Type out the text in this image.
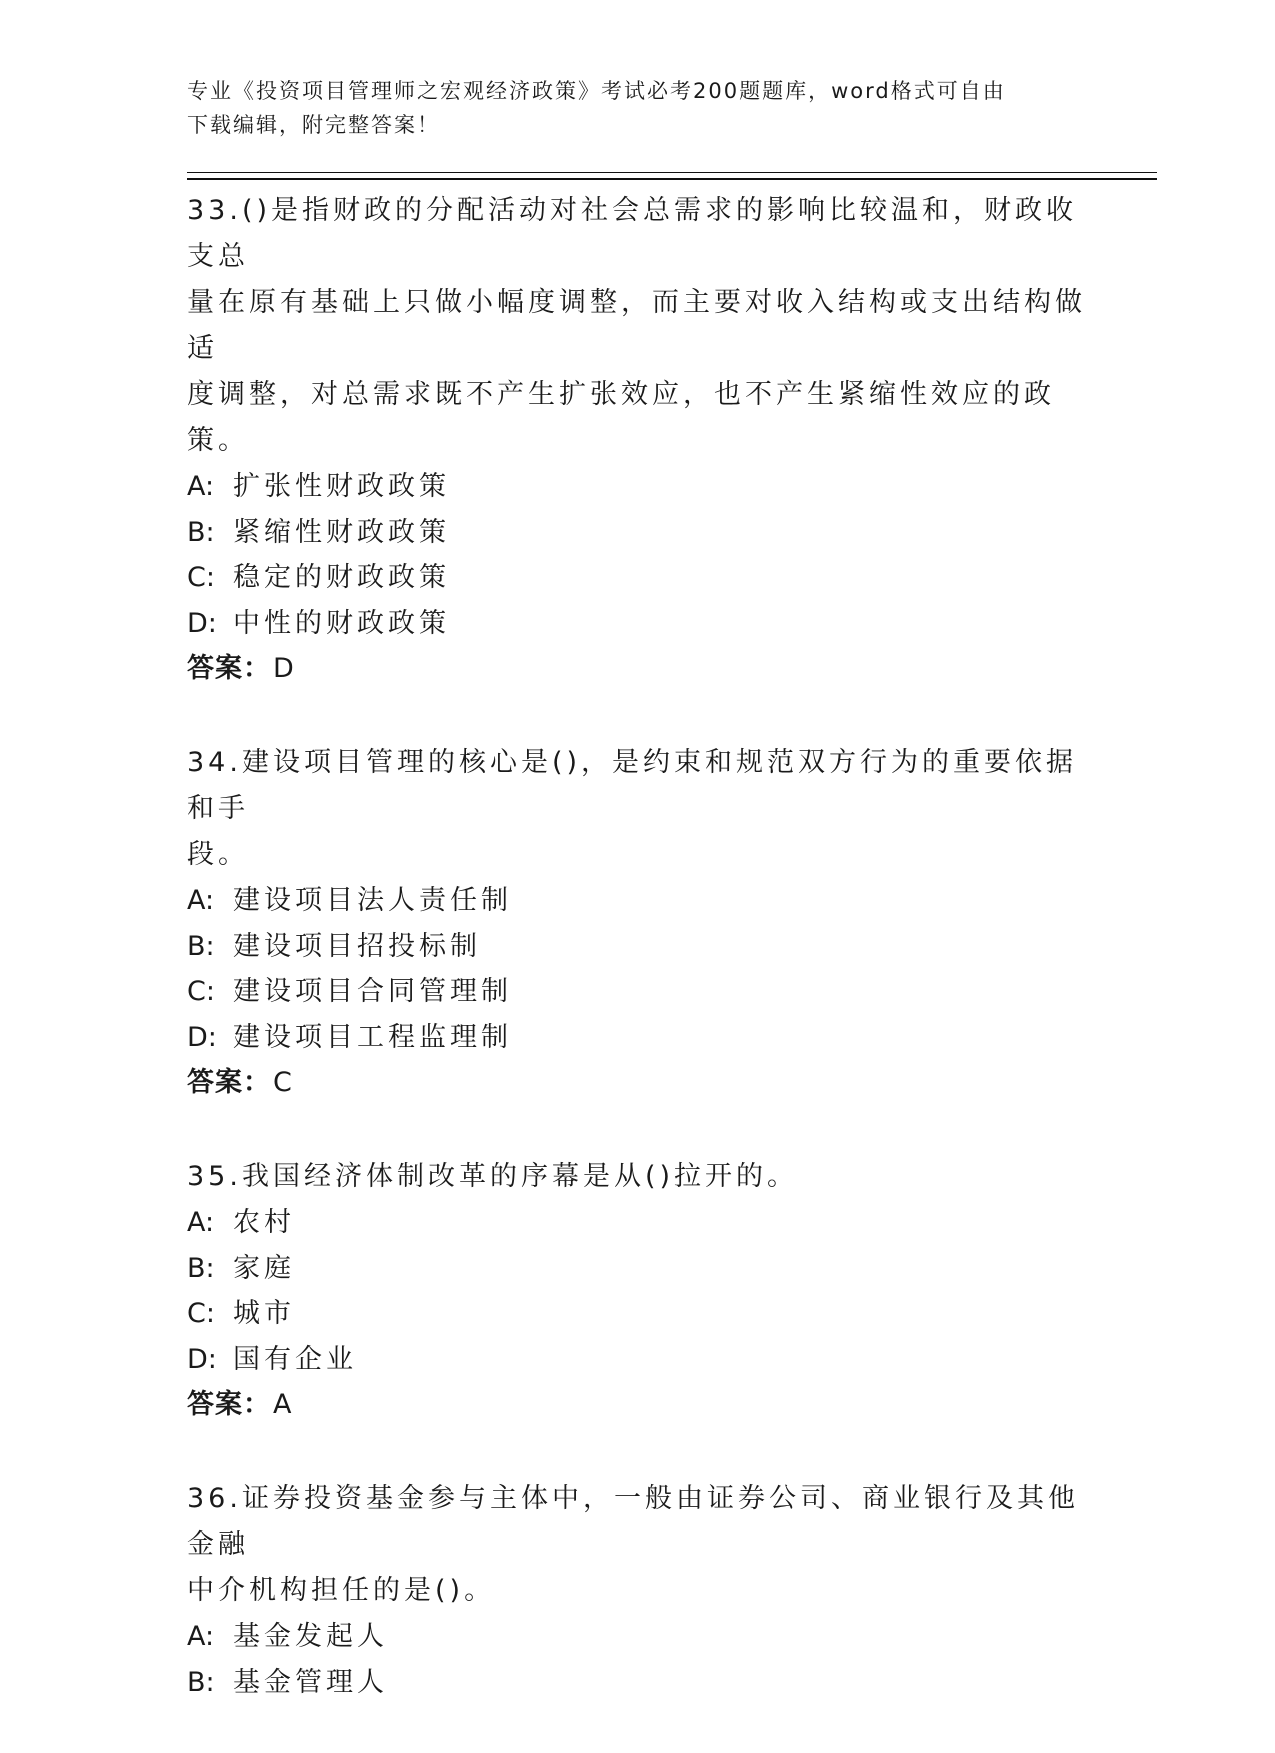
专业《投资项目管理师之宏观经济政策》考试必考200题题库，word格式可自由
下载编辑，附完整答案！
33.()是指财政的分配活动对社会总需求的影响比较温和，财政收支总
量在原有基础上只做小幅度调整，而主要对收入结构或支出结构做适
度调整，对总需求既不产生扩张效应，也不产生紧缩性效应的政策。
A: 扩张性财政政策
B: 紧缩性财政政策
C: 稳定的财政政策
D: 中性的财政政策
答案：D
34.建设项目管理的核心是()，是约束和规范双方行为的重要依据和手
段。
A: 建设项目法人责任制
B: 建设项目招投标制
C: 建设项目合同管理制
D: 建设项目工程监理制
答案：C
35.我国经济体制改革的序幕是从()拉开的。
A: 农村
B: 家庭
C: 城市
D: 国有企业
答案：A
36.证券投资基金参与主体中，一般由证券公司、商业银行及其他金融
中介机构担任的是()。
A: 基金发起人
B: 基金管理人
